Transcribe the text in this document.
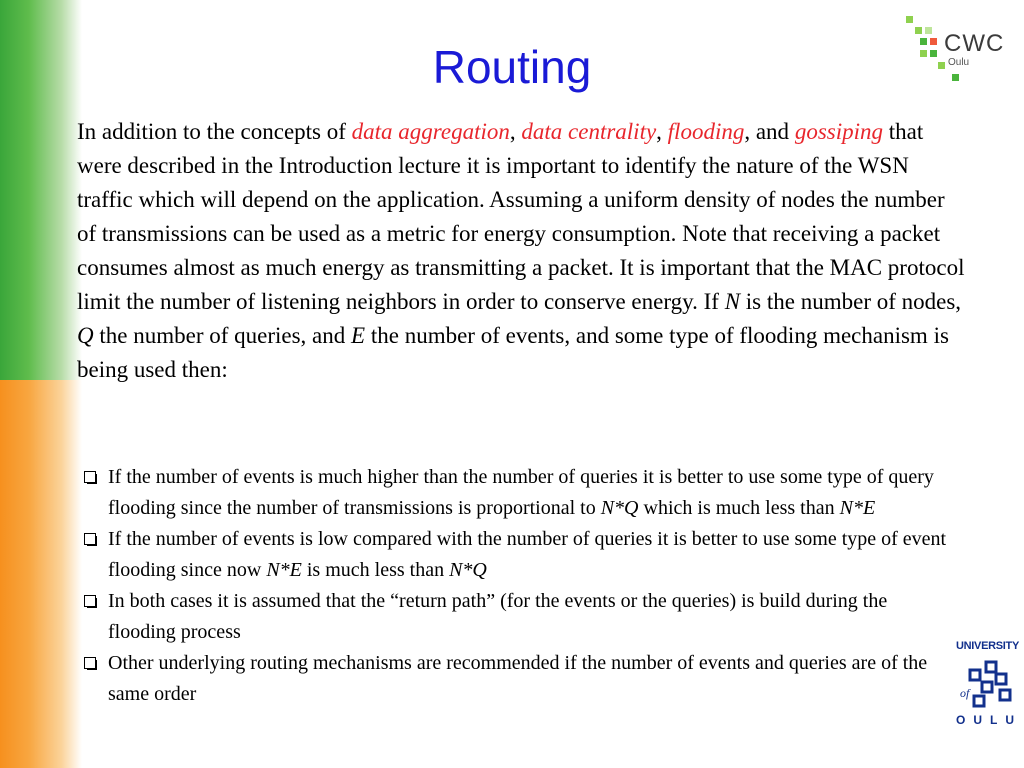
CWC
Oulu
Routing
In addition to the concepts of data aggregation, data centrality, flooding, and gossiping that were described in the Introduction lecture it is important to identify the nature of the WSN traffic which will depend on the application. Assuming a uniform density of nodes the number of transmissions can be used as a metric for energy consumption. Note that receiving a packet consumes almost as much energy as transmitting a packet. It is important that the MAC protocol limit the number of listening neighbors in order to conserve energy. If N is the number of nodes, Q the number of queries, and E the number of events, and some type of flooding mechanism is being used then:
If the number of events is much higher than the number of queries it is better to use some type of query flooding since the number of transmissions is proportional to N*Q which is much less than N*E
If the number of events is low compared with the number of queries it is better to use some type of event flooding since now N*E is much less than N*Q
In both cases it is assumed that the “return path” (for the events or the queries) is build during the flooding process
Other underlying routing mechanisms are recommended if the number of events and queries are of the same order
UNIVERSITY
of
OULU
